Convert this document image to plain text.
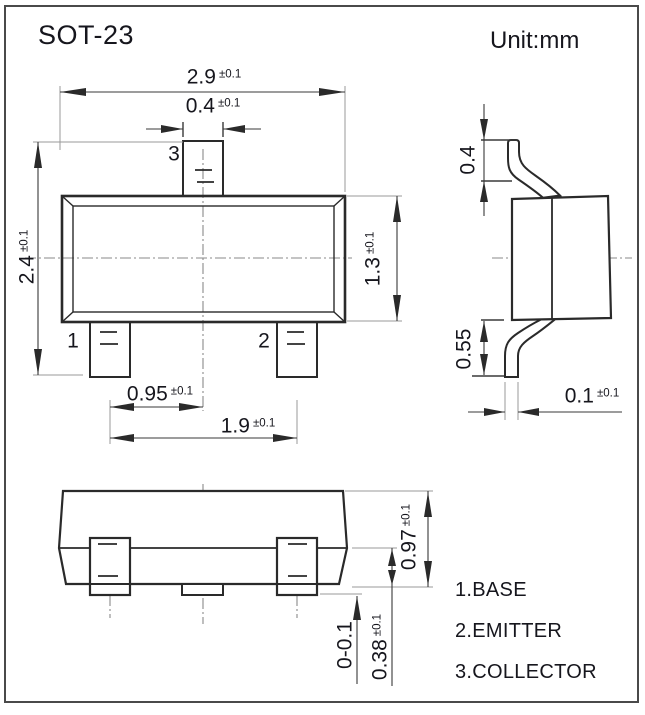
SOT-23	Unit:mm
2.9 ±0.1
0.4 ±0.1
2.4
±0.1
1.3
±0.1
0.95 ±0.1
1.9 ±0.1
0.4
0.55
0.1 ±0.1
0.97
±0.1
0.38
±0.1
0-0.1
3
1	2
1.BASE
2.EMITTER
3.COLLECTOR
